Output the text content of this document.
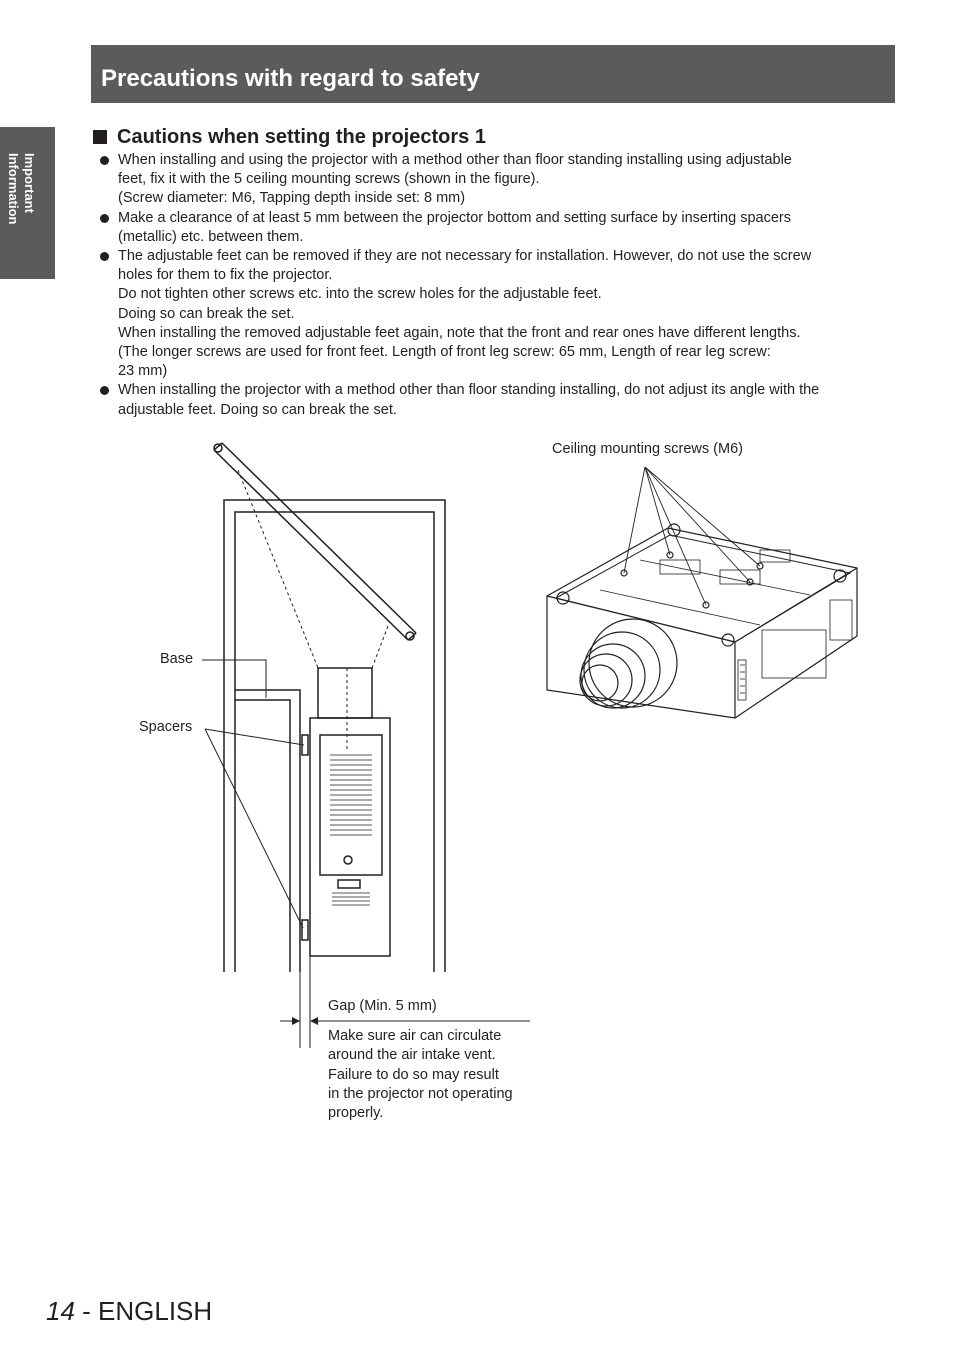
Precautions with regard to safety
Important Information
Cautions when setting the projectors 1
When installing and using the projector with a method other than floor standing installing using adjustable
feet, fix it with the 5 ceiling mounting screws (shown in the figure).
(Screw diameter: M6, Tapping depth inside set: 8 mm)
Make a clearance of at least 5 mm between the projector bottom and setting surface by inserting spacers
(metallic) etc. between them.
The adjustable feet can be removed if they are not necessary for installation. However, do not use the screw
holes for them to fix the projector.
Do not tighten other screws etc. into the screw holes for the adjustable feet.
Doing so can break the set.
When installing the removed adjustable feet again, note that the front and rear ones have different lengths.
(The longer screws are used for front feet. Length of front leg screw: 65 mm, Length of rear leg screw:
23 mm)
When installing the projector with a method other than floor standing installing, do not adjust its angle with the
adjustable feet. Doing so can break the set.
Base
Spacers
Gap (Min. 5 mm)
Make sure air can circulate
around the air intake vent.
Failure to do so may result
in the projector not operating
properly.
Ceiling mounting screws (M6)
14 - ENGLISH
